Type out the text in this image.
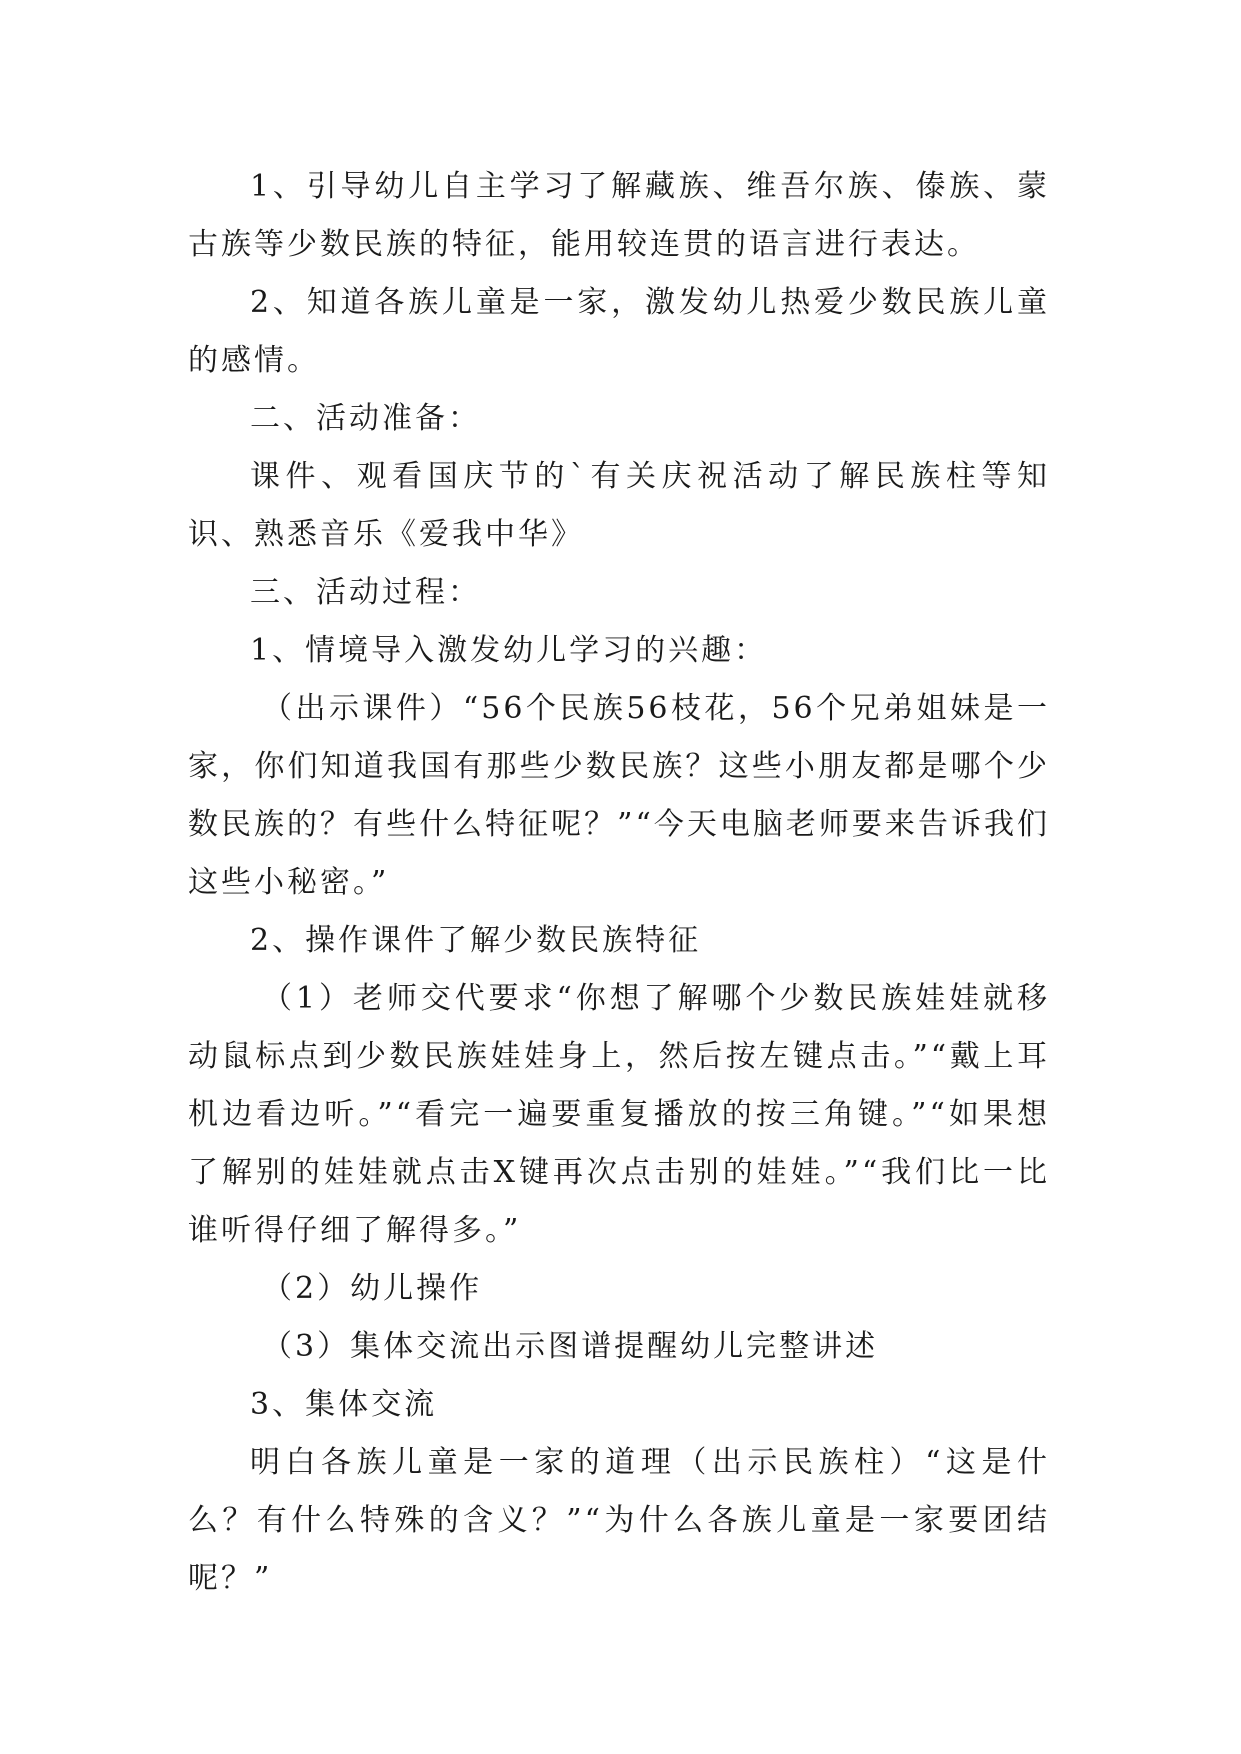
1、引导幼儿自主学习了解藏族、维吾尔族、傣族、蒙古族等少数民族的特征，能用较连贯的语言进行表达。

2、知道各族儿童是一家，激发幼儿热爱少数民族儿童的感情。

二、活动准备：

课件、观看国庆节的`有关庆祝活动了解民族柱等知识、熟悉音乐《爱我中华》

三、活动过程：

1、情境导入激发幼儿学习的兴趣：

（出示课件）“56个民族56枝花，56个兄弟姐妹是一家，你们知道我国有那些少数民族？这些小朋友都是哪个少数民族的？有些什么特征呢？”“今天电脑老师要来告诉我们这些小秘密。”

2、操作课件了解少数民族特征

（1）老师交代要求“你想了解哪个少数民族娃娃就移动鼠标点到少数民族娃娃身上，然后按左键点击。”“戴上耳机边看边听。”“看完一遍要重复播放的按三角键。”“如果想了解别的娃娃就点击X键再次点击别的娃娃。”“我们比一比谁听得仔细了解得多。”

（2）幼儿操作

（3）集体交流出示图谱提醒幼儿完整讲述

3、集体交流

明白各族儿童是一家的道理（出示民族柱）“这是什么？有什么特殊的含义？”“为什么各族儿童是一家要团结呢？”
